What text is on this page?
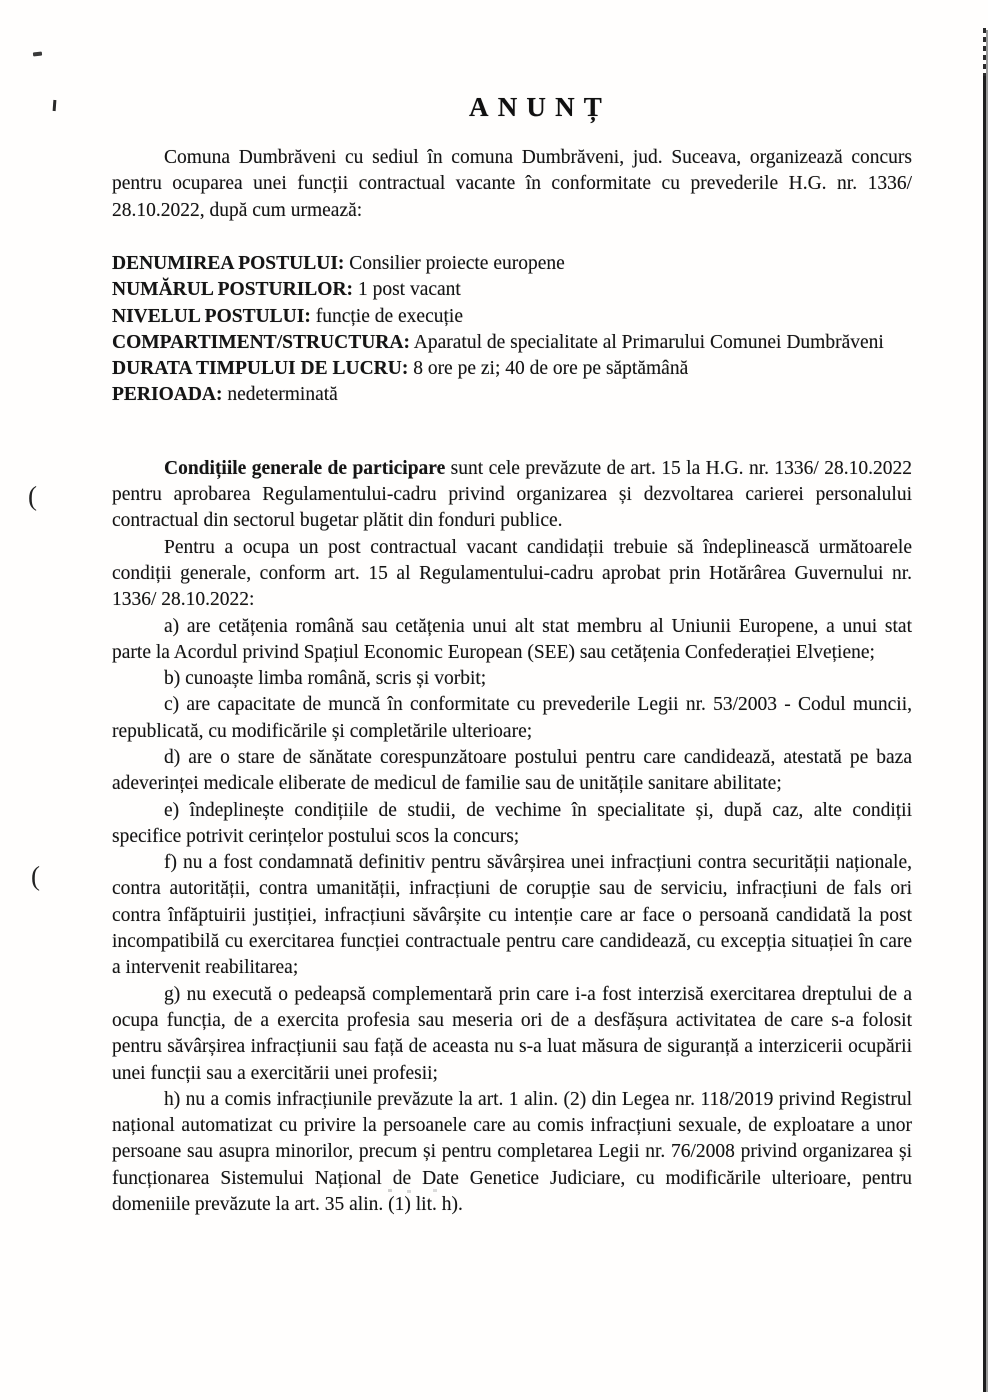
ANUNȚ

Comuna Dumbrăveni cu sediul în comuna Dumbrăveni, jud. Suceava, organizează concurs pentru ocuparea unei funcții contractual vacante în conformitate cu prevederile H.G. nr. 1336/ 28.10.2022, după cum urmează:

DENUMIREA POSTULUI: Consilier proiecte europene
NUMĂRUL POSTURILOR: 1 post vacant
NIVELUL POSTULUI: funcție de execuție
COMPARTIMENT/STRUCTURA: Aparatul de specialitate al Primarului Comunei Dumbrăveni
DURATA TIMPULUI DE LUCRU: 8 ore pe zi; 40 de ore pe săptămână
PERIOADA: nedeterminată

Condițiile generale de participare sunt cele prevăzute de art. 15 la H.G. nr. 1336/ 28.10.2022 pentru aprobarea Regulamentului-cadru privind organizarea și dezvoltarea carierei personalului contractual din sectorul bugetar plătit din fonduri publice.

Pentru a ocupa un post contractual vacant candidații trebuie să îndeplinească următoarele condiții generale, conform art. 15 al Regulamentului-cadru aprobat prin Hotărârea Guvernului nr. 1336/ 28.10.2022:

a) are cetățenia română sau cetățenia unui alt stat membru al Uniunii Europene, a unui stat parte la Acordul privind Spațiul Economic European (SEE) sau cetățenia Confederației Elvețiene;

b) cunoaște limba română, scris și vorbit;

c) are capacitate de muncă în conformitate cu prevederile Legii nr. 53/2003 - Codul muncii, republicată, cu modificările și completările ulterioare;

d) are o stare de sănătate corespunzătoare postului pentru care candidează, atestată pe baza adeverinței medicale eliberate de medicul de familie sau de unitățile sanitare abilitate;

e) îndeplinește condițiile de studii, de vechime în specialitate și, după caz, alte condiții specifice potrivit cerințelor postului scos la concurs;

f) nu a fost condamnată definitiv pentru săvârșirea unei infracțiuni contra securității naționale, contra autorității, contra umanității, infracțiuni de corupție sau de serviciu, infracțiuni de fals ori contra înfăptuirii justiției, infracțiuni săvârșite cu intenție care ar face o persoană candidată la post incompatibilă cu exercitarea funcției contractuale pentru care candidează, cu excepția situației în care a intervenit reabilitarea;

g) nu execută o pedeapsă complementară prin care i-a fost interzisă exercitarea dreptului de a ocupa funcția, de a exercita profesia sau meseria ori de a desfășura activitatea de care s-a folosit pentru săvârșirea infracțiunii sau față de aceasta nu s-a luat măsura de siguranță a interzicerii ocupării unei funcții sau a exercitării unei profesii;

h) nu a comis infracțiunile prevăzute la art. 1 alin. (2) din Legea nr. 118/2019 privind Registrul național automatizat cu privire la persoanele care au comis infracțiuni sexuale, de exploatare a unor persoane sau asupra minorilor, precum și pentru completarea Legii nr. 76/2008 privind organizarea și funcționarea Sistemului Național de Date Genetice Judiciare, cu modificările ulterioare, pentru domeniile prevăzute la art. 35 alin. (1) lit. h).

(
(
